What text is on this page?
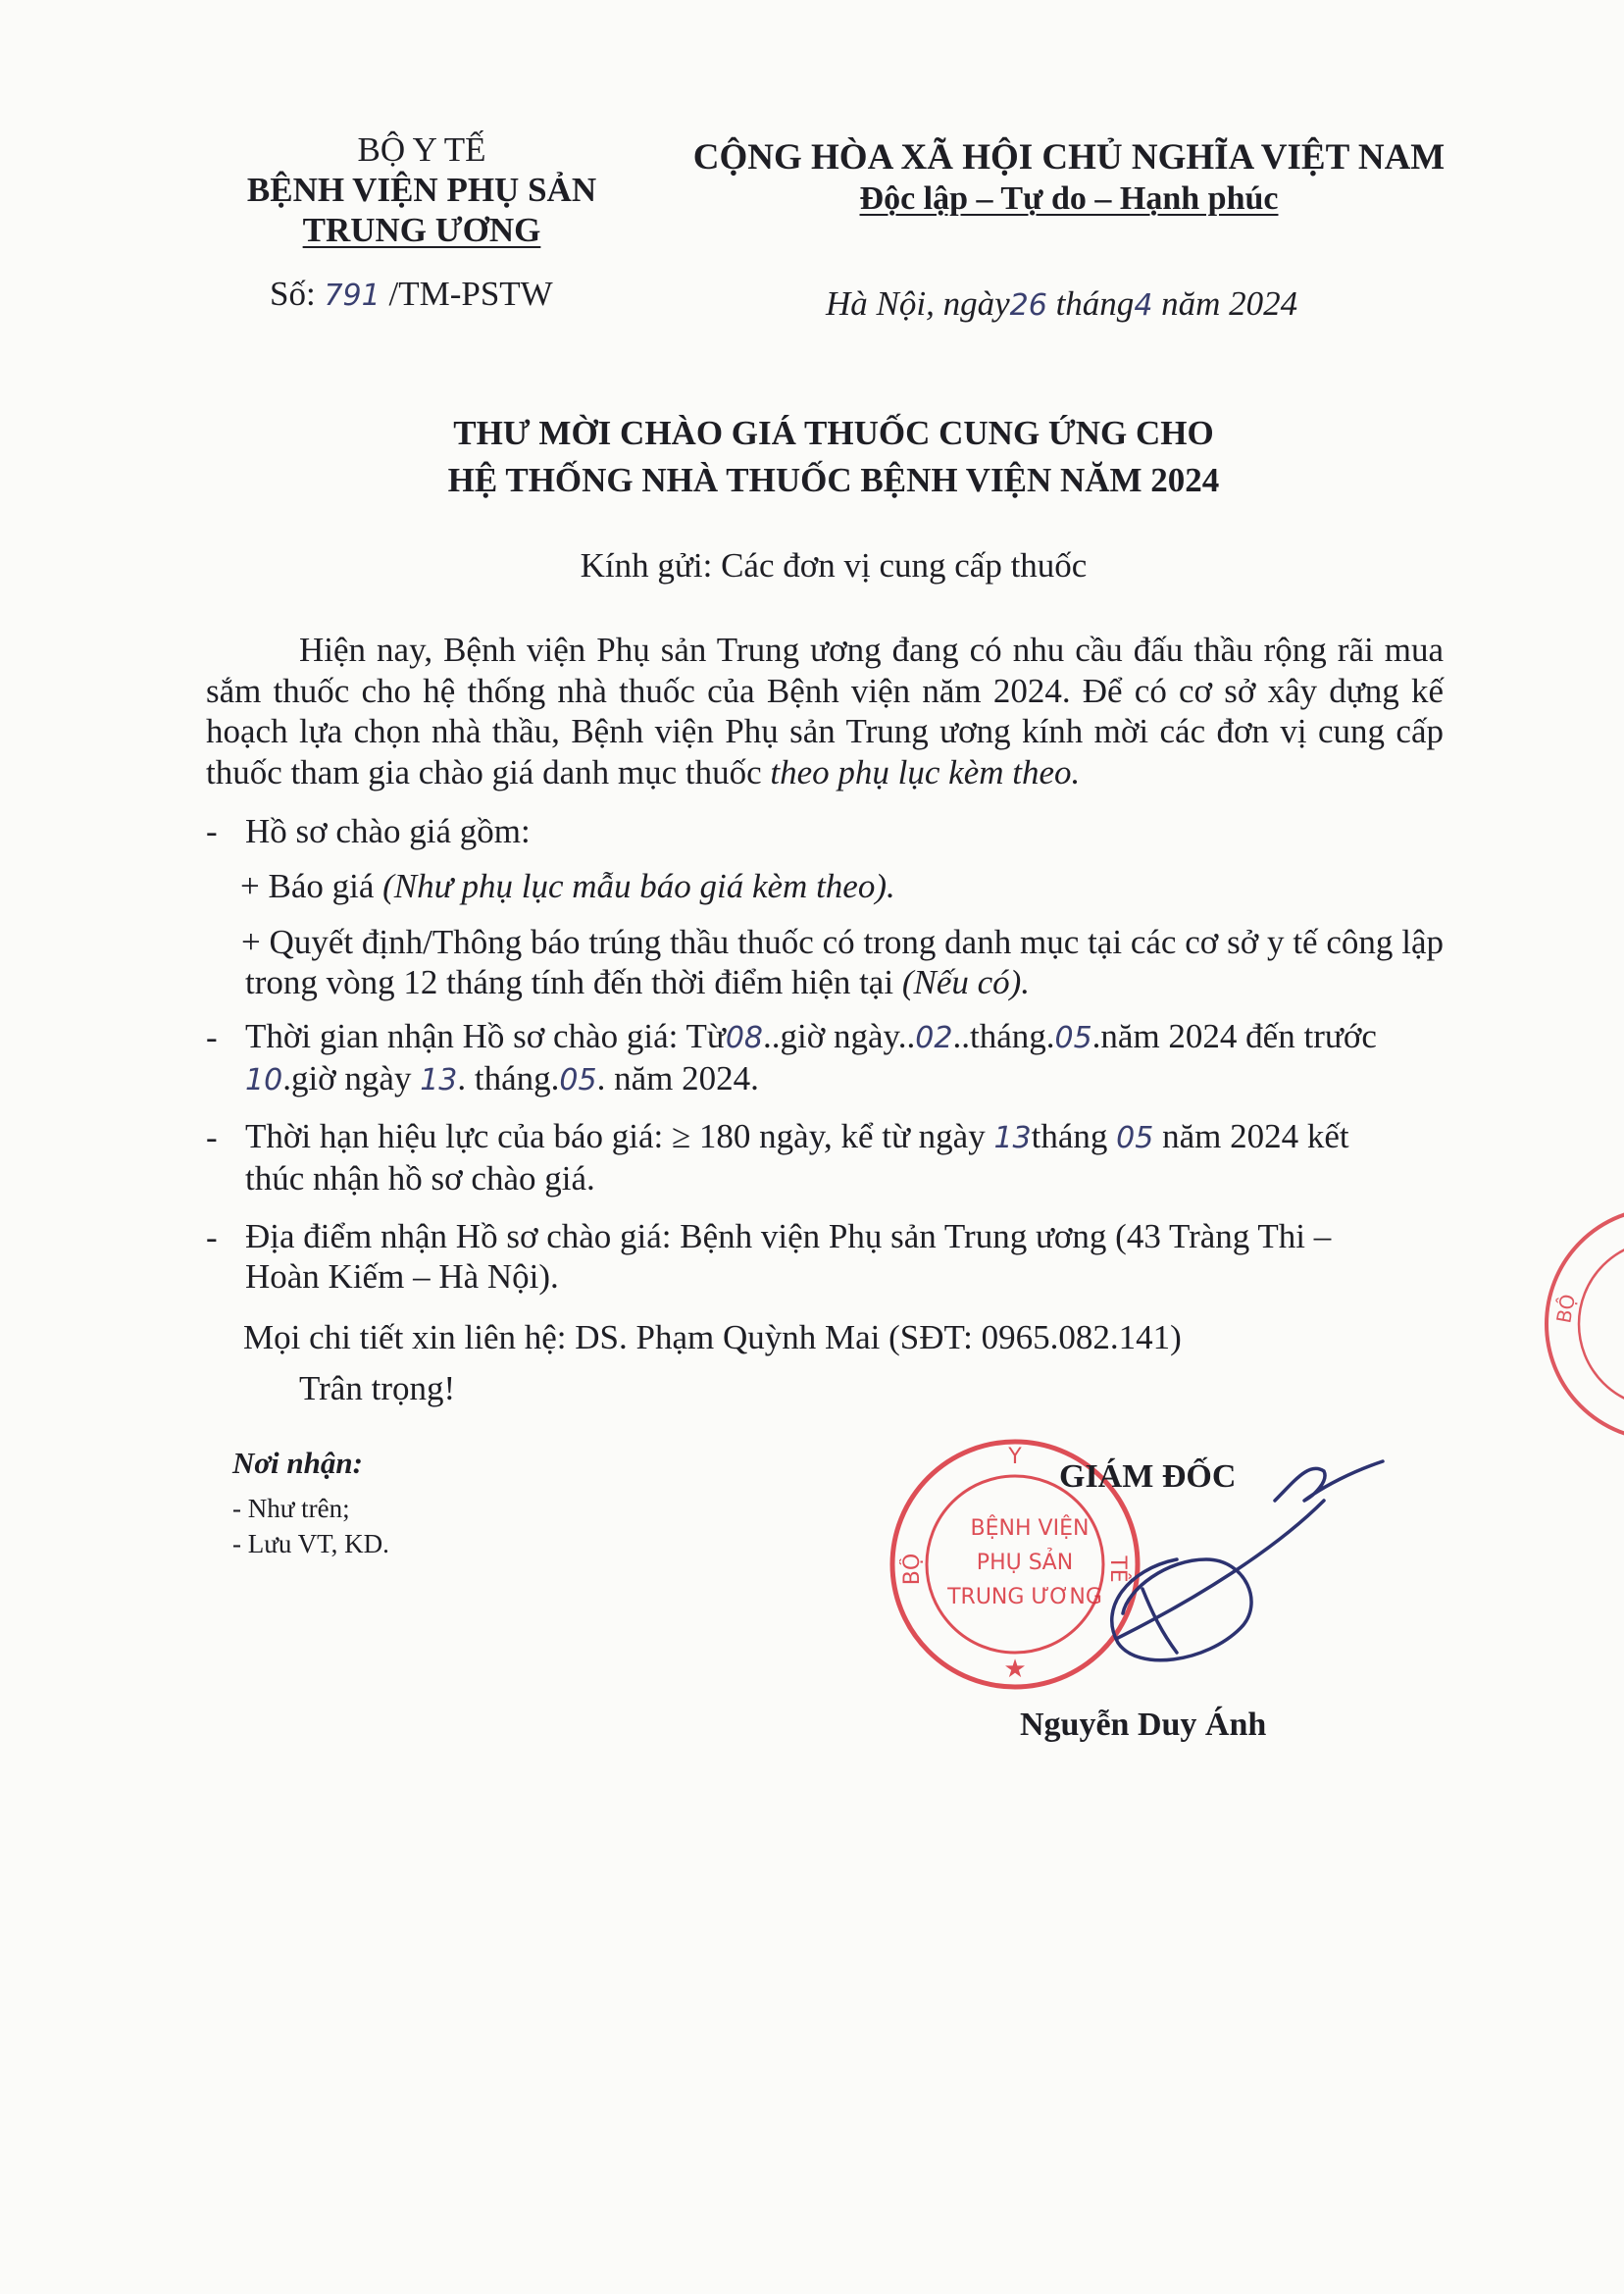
BỘ Y TẾ
BỆNH VIỆN PHỤ SẢN
TRUNG ƯƠNG
CỘNG HÒA XÃ HỘI CHỦ NGHĨA VIỆT NAM
Độc lập – Tự do – Hạnh phúc
Số: 791 /TM-PSTW	Hà Nội, ngày26 tháng4 năm 2024
THƯ MỜI CHÀO GIÁ THUỐC CUNG ỨNG CHO
HỆ THỐNG NHÀ THUỐC BỆNH VIỆN NĂM 2024
Kính gửi: Các đơn vị cung cấp thuốc
Hiện nay, Bệnh viện Phụ sản Trung ương đang có nhu cầu đấu thầu rộng rãi mua sắm thuốc cho hệ thống nhà thuốc của Bệnh viện năm 2024. Để có cơ sở xây dựng kế hoạch lựa chọn nhà thầu, Bệnh viện Phụ sản Trung ương kính mời các đơn vị cung cấp thuốc tham gia chào giá danh mục thuốc theo phụ lục kèm theo.
- Hồ sơ chào giá gồm:
+ Báo giá (Như phụ lục mẫu báo giá kèm theo).
+ Quyết định/Thông báo trúng thầu thuốc có trong danh mục tại các cơ sở y tế công lập trong vòng 12 tháng tính đến thời điểm hiện tại (Nếu có).
- Thời gian nhận Hồ sơ chào giá: Từ08..giờ ngày..02..tháng.05.năm 2024 đến trước
10.giờ ngày 13. tháng.05. năm 2024.
- Thời hạn hiệu lực của báo giá: ≥ 180 ngày, kể từ ngày 13tháng 05 năm 2024 kết
thúc nhận hồ sơ chào giá.
- Địa điểm nhận Hồ sơ chào giá: Bệnh viện Phụ sản Trung ương (43 Tràng Thi –
Hoàn Kiếm – Hà Nội).
Mọi chi tiết xin liên hệ: DS. Phạm Quỳnh Mai (SĐT: 0965.082.141)
Trân trọng!
Nơi nhận:
- Như trên;
- Lưu VT, KD.
Y
BỘ	TẾ
BỆNH VIỆN
PHỤ SẢN
TRUNG ƯƠNG
★
BỘ
GIÁM ĐỐC
Nguyễn Duy Ánh
